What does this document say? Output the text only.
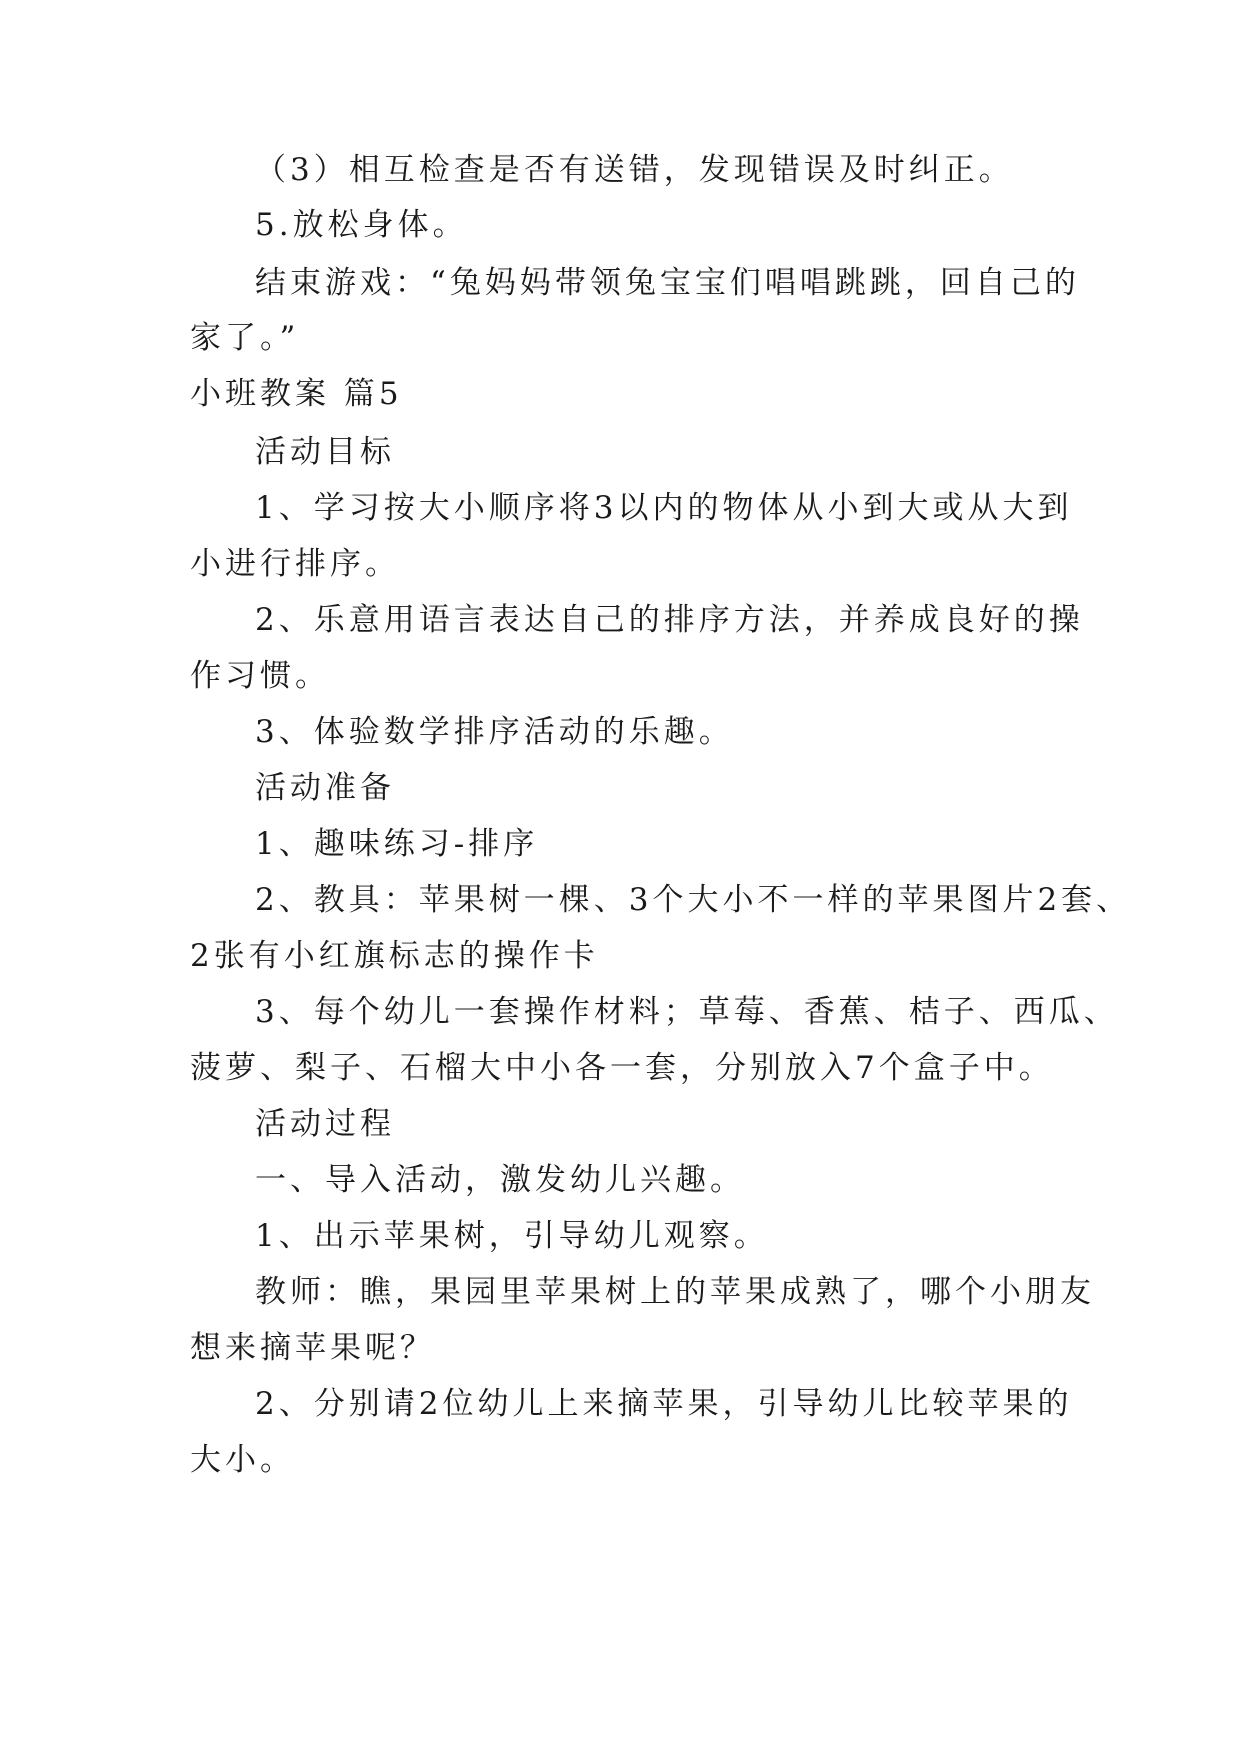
（3）相互检查是否有送错，发现错误及时纠正。
5.放松身体。
结束游戏：“兔妈妈带领兔宝宝们唱唱跳跳，回自己的
家了。”
小班教案 篇5
活动目标
1、学习按大小顺序将3以内的物体从小到大或从大到
小进行排序。
2、乐意用语言表达自己的排序方法，并养成良好的操
作习惯。
3、体验数学排序活动的乐趣。
活动准备
1、趣味练习-排序
2、教具：苹果树一棵、3个大小不一样的苹果图片2套、
2张有小红旗标志的操作卡
3、每个幼儿一套操作材料；草莓、香蕉、桔子、西瓜、
菠萝、梨子、石榴大中小各一套，分别放入7个盒子中。
活动过程
一、导入活动，激发幼儿兴趣。
1、出示苹果树，引导幼儿观察。
教师：瞧，果园里苹果树上的苹果成熟了，哪个小朋友
想来摘苹果呢？
2、分别请2位幼儿上来摘苹果，引导幼儿比较苹果的
大小。
